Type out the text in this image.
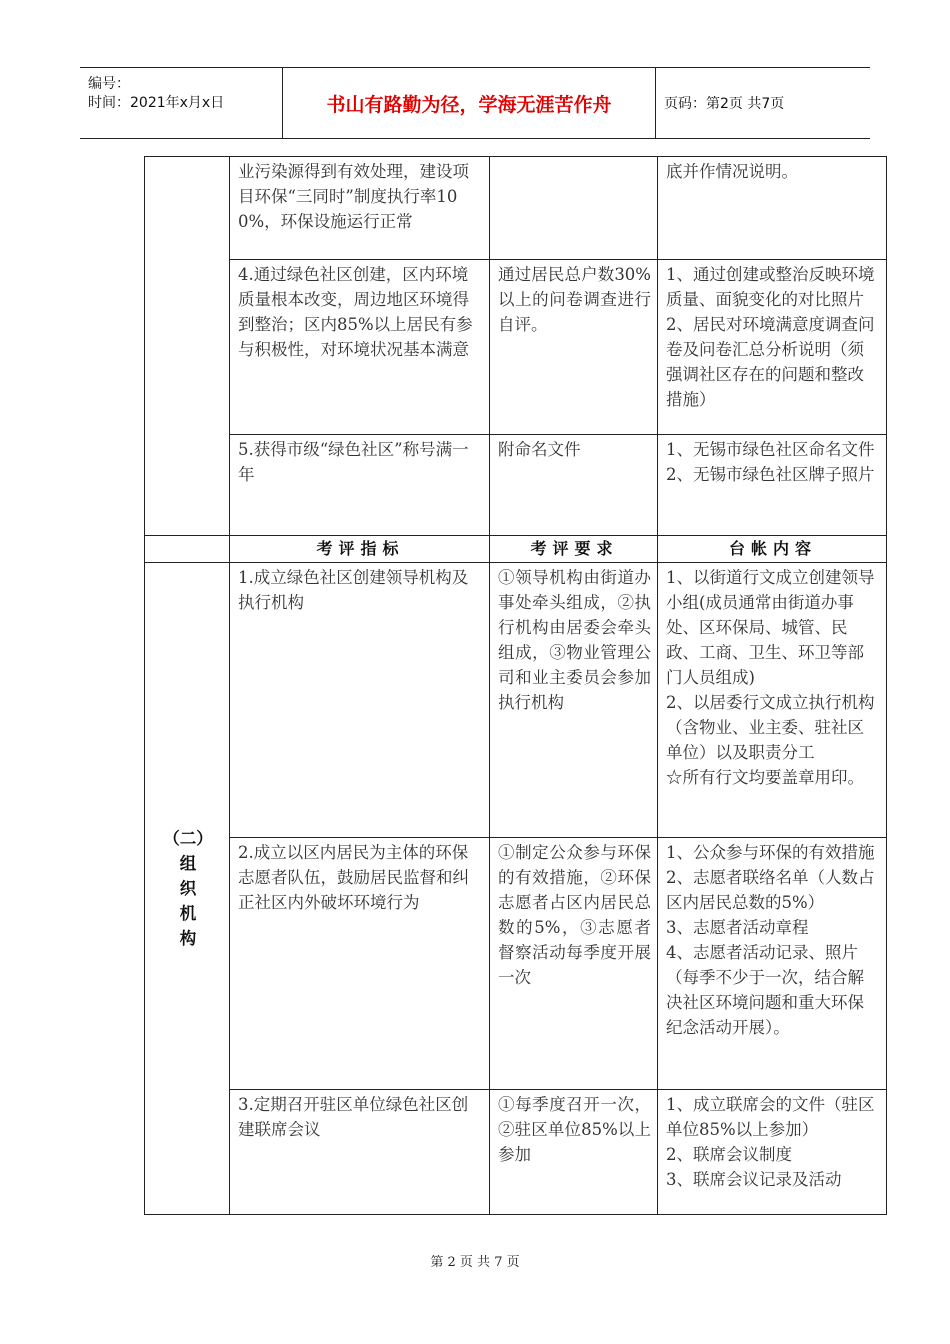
编号：
时间：2021年x月x日	书山有路勤为径，学海无涯苦作舟	页码：第2页 共7页
	业污染源得到有效处理，建设项目环保“三同时”制度执行率100%，环保设施运行正常		底并作情况说明。

	4.通过绿色社区创建，区内环境质量根本改变，周边地区环境得到整治；区内85%以上居民有参与积极性，对环境状况基本满意	通过居民总户数30%以上的问卷调查进行自评。	1、通过创建或整治反映环境质量、面貌变化的对比照片
2、居民对环境满意度调查问卷及问卷汇总分析说明（须强调社区存在的问题和整改措施）

	5.获得市级“绿色社区”称号满一年	附命名文件	1、无锡市绿色社区命名文件
2、无锡市绿色社区牌子照片

	考评指标	考评要求	台帐内容

（二）
组
织
机
构	1.成立绿色社区创建领导机构及执行机构	①领导机构由街道办事处牵头组成，②执行机构由居委会牵头组成，③物业管理公司和业主委员会参加执行机构	1、以街道行文成立创建领导小组(成员通常由街道办事处、区环保局、城管、民政、工商、卫生、环卫等部门人员组成)
2、以居委行文成立执行机构（含物业、业主委、驻社区单位）以及职责分工
☆所有行文均要盖章用印。

	2.成立以区内居民为主体的环保志愿者队伍，鼓励居民监督和纠正社区内外破坏环境行为	①制定公众参与环保的有效措施，②环保志愿者占区内居民总数的5%，③志愿者督察活动每季度开展一次	1、公众参与环保的有效措施
2、志愿者联络名单（人数占区内居民总数的5%）
3、志愿者活动章程
4、志愿者活动记录、照片（每季不少于一次，结合解决社区环境问题和重大环保纪念活动开展）。

	3.定期召开驻区单位绿色社区创建联席会议	①每季度召开一次，②驻区单位85%以上参加	1、成立联席会的文件（驻区单位85%以上参加）
2、联席会议制度
3、联席会议记录及活动
第 2 页 共 7 页
